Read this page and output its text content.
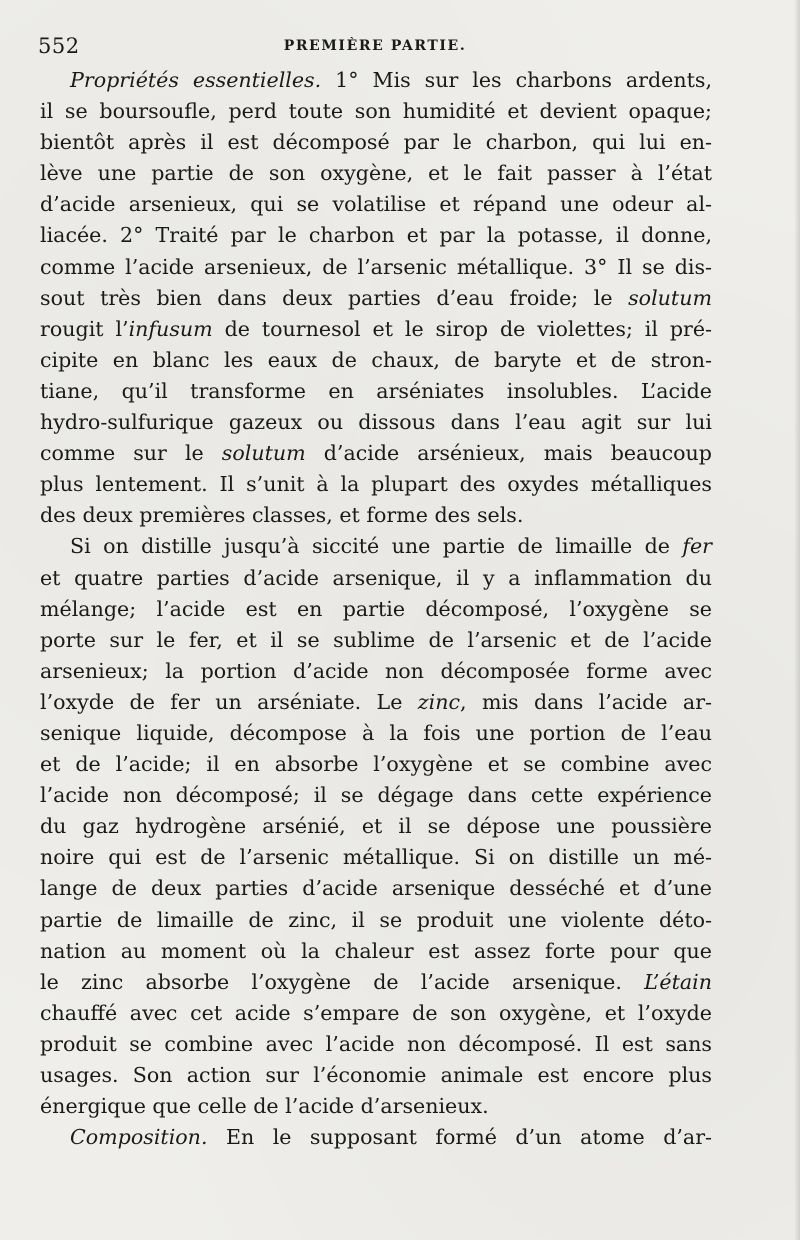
552	PREMIÈRE PARTIE.
Propriétés essentielles. 1° Mis sur les charbons ardents,
il se boursoufle, perd toute son humidité et devient opaque;
bientôt après il est décomposé par le charbon, qui lui en-
lève une partie de son oxygène, et le fait passer à l’état
d’acide arsenieux, qui se volatilise et répand une odeur al-
liacée. 2° Traité par le charbon et par la potasse, il donne,
comme l’acide arsenieux, de l’arsenic métallique. 3° Il se dis-
sout très bien dans deux parties d’eau froide; le solutum
rougit l’infusum de tournesol et le sirop de violettes; il pré-
cipite en blanc les eaux de chaux, de baryte et de stron-
tiane, qu’il transforme en arséniates insolubles. L’acide
hydro-sulfurique gazeux ou dissous dans l’eau agit sur lui
comme sur le solutum d’acide arsénieux, mais beaucoup
plus lentement. Il s’unit à la plupart des oxydes métalliques
des deux premières classes, et forme des sels.
Si on distille jusqu’à siccité une partie de limaille de fer
et quatre parties d’acide arsenique, il y a inflammation du
mélange; l’acide est en partie décomposé, l’oxygène se
porte sur le fer, et il se sublime de l’arsenic et de l’acide
arsenieux; la portion d’acide non décomposée forme avec
l’oxyde de fer un arséniate. Le zinc, mis dans l’acide ar-
senique liquide, décompose à la fois une portion de l’eau
et de l’acide; il en absorbe l’oxygène et se combine avec
l’acide non décomposé; il se dégage dans cette expérience
du gaz hydrogène arsénié, et il se dépose une poussière
noire qui est de l’arsenic métallique. Si on distille un mé-
lange de deux parties d’acide arsenique desséché et d’une
partie de limaille de zinc, il se produit une violente déto-
nation au moment où la chaleur est assez forte pour que
le zinc absorbe l’oxygène de l’acide arsenique. L’étain
chauffé avec cet acide s’empare de son oxygène, et l’oxyde
produit se combine avec l’acide non décomposé. Il est sans
usages. Son action sur l’économie animale est encore plus
énergique que celle de l’acide d’arsenieux.
Composition. En le supposant formé d’un atome d’ar-
